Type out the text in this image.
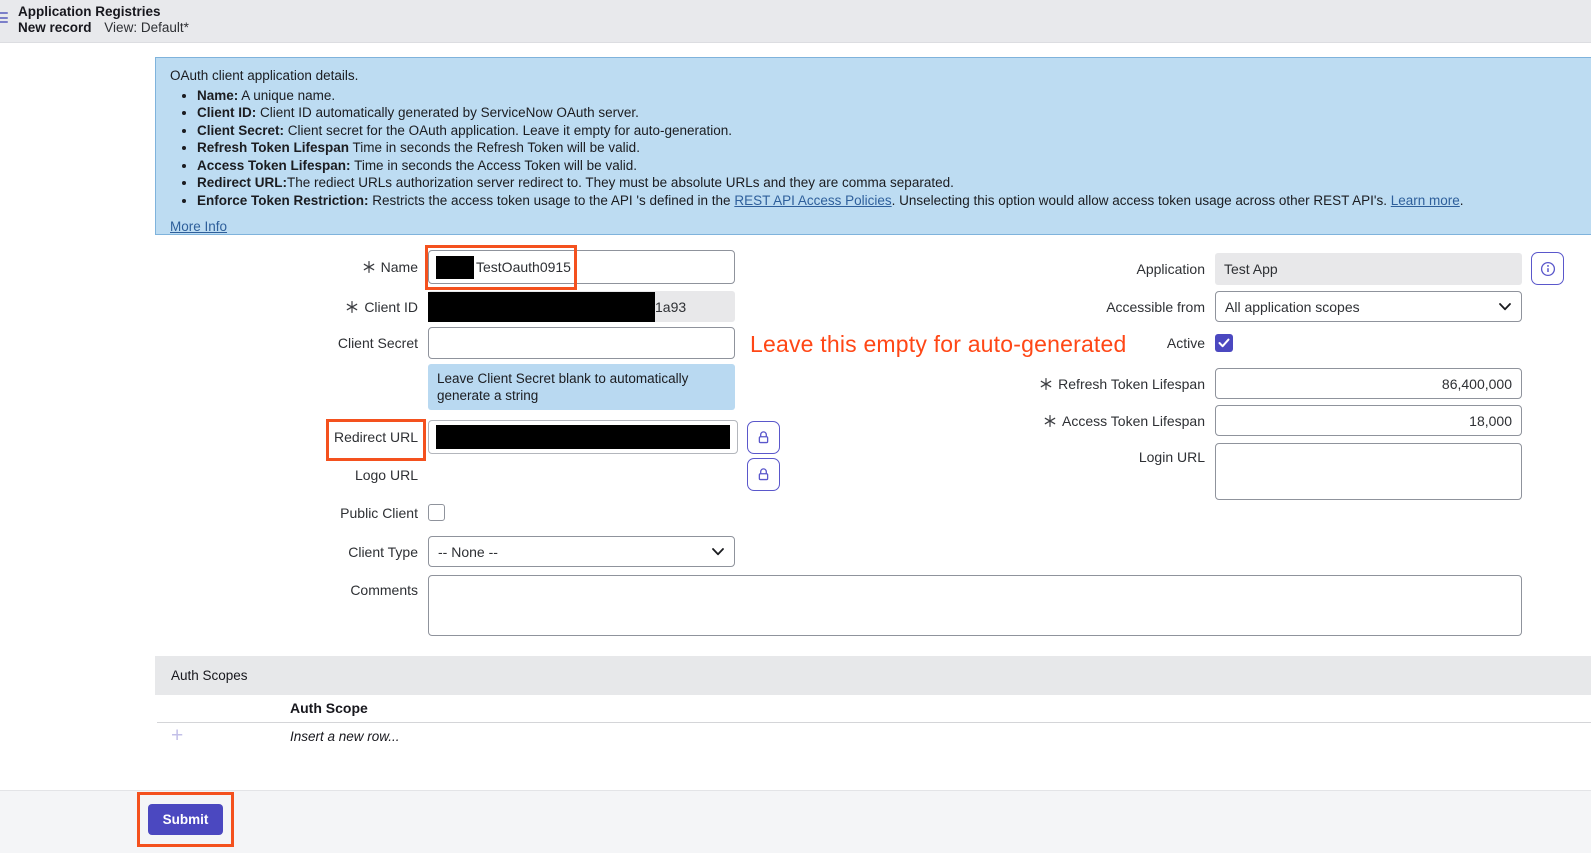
Application Registries
New record View: Default*
OAuth client application details.
• Name: A unique name.
• Client ID: Client ID automatically generated by ServiceNow OAuth server.
• Client Secret: Client secret for the OAuth application. Leave it empty for auto-generation.
• Refresh Token Lifespan Time in seconds the Refresh Token will be valid.
• Access Token Lifespan: Time in seconds the Access Token will be valid.
• Redirect URL:The rediect URLs authorization server redirect to. They must be absolute URLs and they are comma separated.
• Enforce Token Restriction: Restricts the access token usage to the API 's defined in the REST API Access Policies. Unselecting this option would allow access token usage across other REST API's. Learn more.
More Info
Name	TestOauth0915
Client ID	1a93
Client Secret	Leave this empty for auto-generated
Leave Client Secret blank to automatically generate a string
Redirect URL
Logo URL
Public Client
Client Type -- None --
Comments
Application Test App
Accessible from All application scopes
Active
Refresh Token Lifespan	86,400,000
Access Token Lifespan	18,000
Login URL
Auth Scopes
Auth Scope
+	Insert a new row...
Submit
